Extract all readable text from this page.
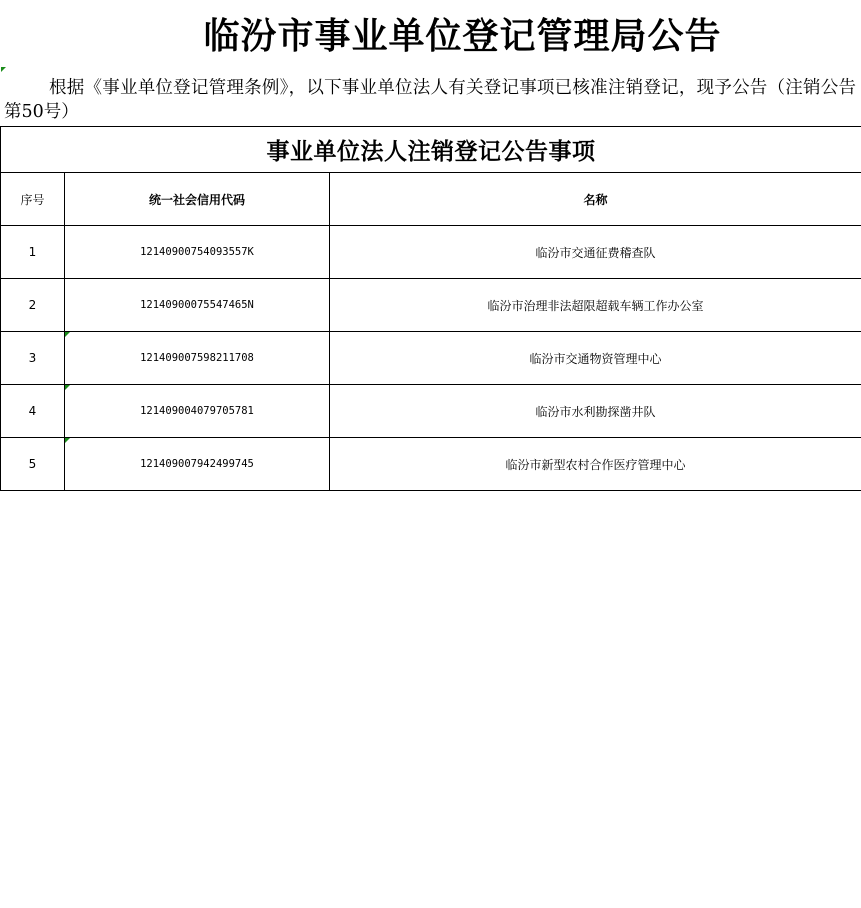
临汾市事业单位登记管理局公告
根据《事业单位登记管理条例》，以下事业单位法人有关登记事项已核准注销登记，现予公告（注销公告第50号）
事业单位法人注销登记公告事项		
序号	统一社会信用代码	名称
1	12140900754093557K	临汾市交通征费稽查队
2	12140900075547465N	临汾市治理非法超限超载车辆工作办公室
3	121409007598211708	临汾市交通物资管理中心
4	121409004079705781	临汾市水利勘探凿井队
5	121409007942499745	临汾市新型农村合作医疗管理中心
